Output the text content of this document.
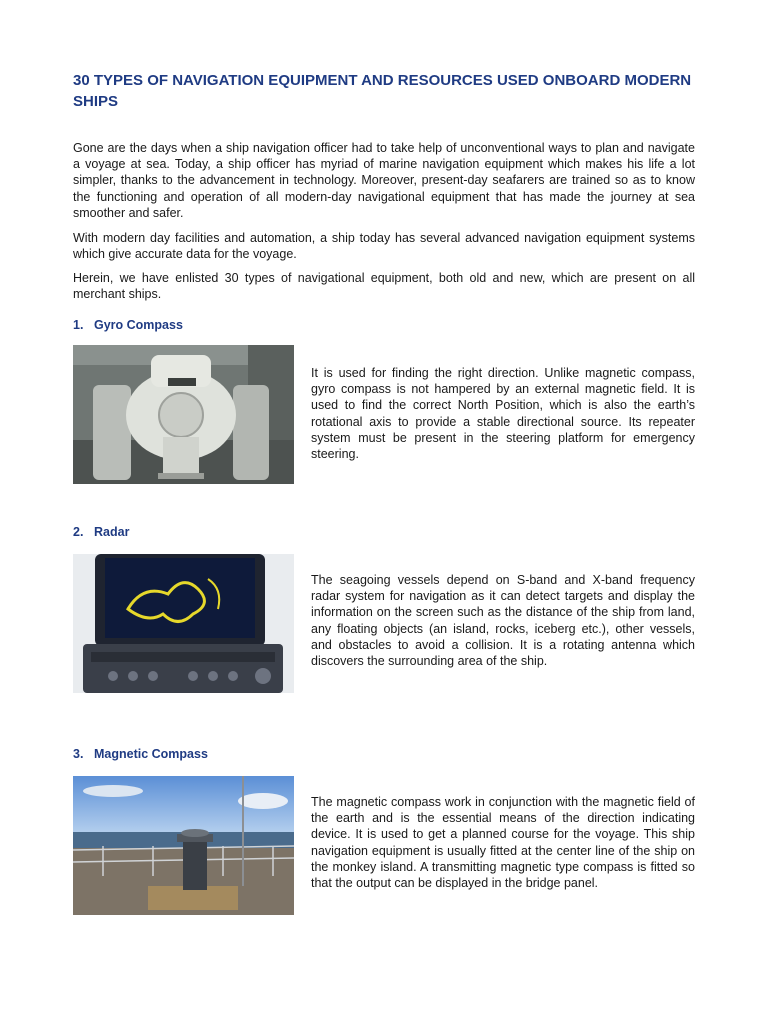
30 TYPES OF NAVIGATION EQUIPMENT AND RESOURCES USED ONBOARD MODERN SHIPS

Gone are the days when a ship navigation officer had to take help of unconventional ways to plan and navigate a voyage at sea. Today, a ship officer has myriad of marine navigation equipment which makes his life a lot simpler, thanks to the advancement in technology. Moreover, present-day seafarers are trained so as to know the functioning and operation of all modern-day navigational equipment that has made the journey at sea smoother and safer.

With modern day facilities and automation, a ship today has several advanced navigation equipment systems which give accurate data for the voyage.

Herein, we have enlisted 30 types of navigational equipment, both old and new, which are present on all merchant ships.

1. Gyro Compass

It is used for finding the right direction. Unlike magnetic compass, gyro compass is not hampered by an external magnetic field. It is used to find the correct North Position, which is also the earth’s rotational axis to provide a stable directional source. Its repeater system must be present in the steering platform for emergency steering.

2. Radar

The seagoing vessels depend on S-band and X-band frequency radar system for navigation as it can detect targets and display the information on the screen such as the distance of the ship from land, any floating objects (an island, rocks, iceberg etc.), other vessels, and obstacles to avoid a collision. It is a rotating antenna which discovers the surrounding area of the ship.

3. Magnetic Compass

The magnetic compass work in conjunction with the magnetic field of the earth and is the essential means of the direction indicating device. It is used to get a planned course for the voyage. This ship navigation equipment is usually fitted at the center line of the ship on the monkey island. A transmitting magnetic type compass is fitted so that the output can be displayed in the bridge panel.
